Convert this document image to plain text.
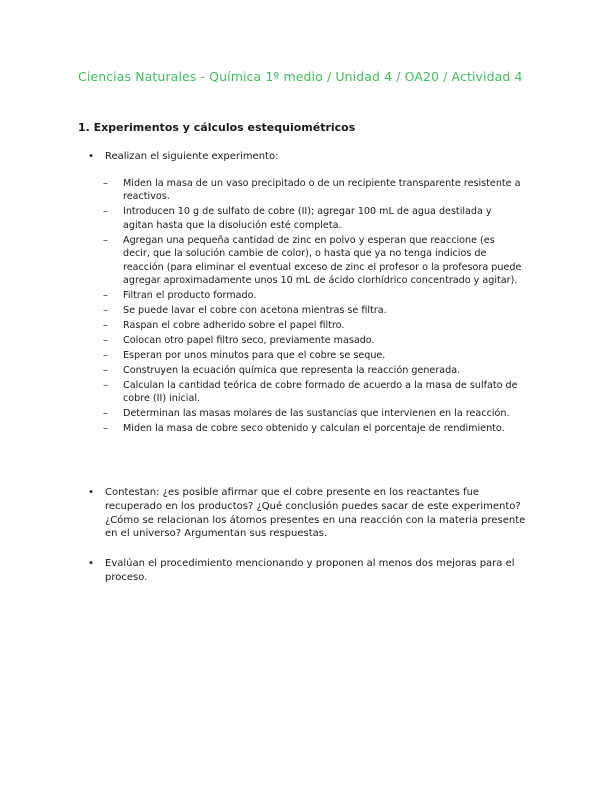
Ciencias Naturales - Química 1º medio / Unidad 4 / OA20 / Actividad 4
1. Experimentos y cálculos estequiométricos
• Realizan el siguiente experimento:
– Miden la masa de un vaso precipitado o de un recipiente transparente resistente a reactivos.
– Introducen 10 g de sulfato de cobre (II); agregar 100 mL de agua destilada y agitan hasta que la disolución esté completa.
– Agregan una pequeña cantidad de zinc en polvo y esperan que reaccione (es decir, que la solución cambie de color), o hasta que ya no tenga indicios de reacción (para eliminar el eventual exceso de zinc el profesor o la profesora puede agregar aproximadamente unos 10 mL de ácido clorhídrico concentrado y agitar).
– Filtran el producto formado.
– Se puede lavar el cobre con acetona mientras se filtra.
– Raspan el cobre adherido sobre el papel filtro.
– Colocan otro papel filtro seco, previamente masado.
– Esperan por unos minutos para que el cobre se seque.
– Construyen la ecuación química que representa la reacción generada.
– Calculan la cantidad teórica de cobre formado de acuerdo a la masa de sulfato de cobre (II) inicial.
– Determinan las masas molares de las sustancias que intervienen en la reacción.
– Miden la masa de cobre seco obtenido y calculan el porcentaje de rendimiento.
• Contestan: ¿es posible afirmar que el cobre presente en los reactantes fue recuperado en los productos? ¿Qué conclusión puedes sacar de este experimento? ¿Cómo se relacionan los átomos presentes en una reacción con la materia presente en el universo? Argumentan sus respuestas.
• Evalúan el procedimiento mencionando y proponen al menos dos mejoras para el proceso.
